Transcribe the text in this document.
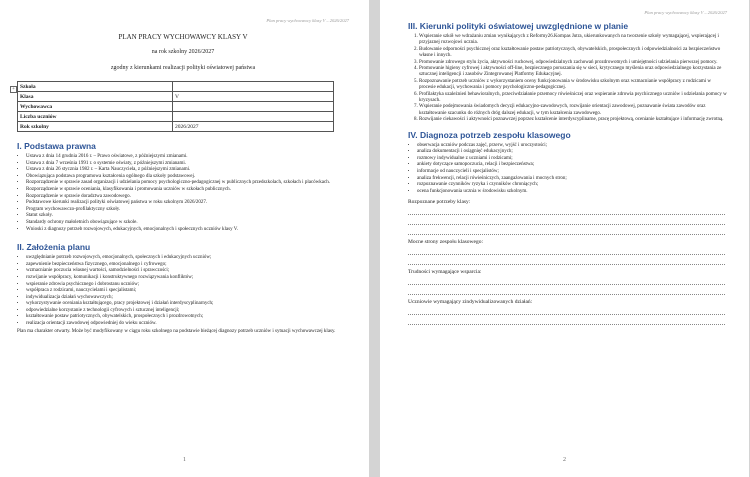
Plan pracy wychowawcy klasy V – 2026/2027

PLAN PRACY WYCHOWAWCY KLASY V

na rok szkolny 2026/2027

zgodny z kierunkami realizacji polityki oświatowej państwa

+ Szkoła	
Klasa	V
Wychowawca	
Liczba uczniów	
Rok szkolny	2026/2027
I. Podstawa prawna
• Ustawa z dnia 14 grudnia 2016 r. – Prawo oświatowe, z późniejszymi zmianami.
• Ustawa z dnia 7 września 1991 r. o systemie oświaty, z późniejszymi zmianami.
• Ustawa z dnia 26 stycznia 1982 r. – Karta Nauczyciela, z późniejszymi zmianami.
• Obowiązująca podstawa programowa kształcenia ogólnego dla szkoły podstawowej.
• Rozporządzenie w sprawie zasad organizacji i udzielania pomocy psychologiczno-pedagogicznej w publicznych przedszkolach, szkołach i placówkach.
• Rozporządzenie w sprawie oceniania, klasyfikowania i promowania uczniów w szkołach publicznych.
• Rozporządzenie w sprawie doradztwa zawodowego.
• Podstawowe kierunki realizacji polityki oświatowej państwa w roku szkolnym 2026/2027.
• Program wychowawczo-profilaktyczny szkoły.
• Statut szkoły.
• Standardy ochrony małoletnich obowiązujące w szkole.
• Wnioski z diagnozy potrzeb rozwojowych, edukacyjnych, emocjonalnych i społecznych uczniów klasy V.
II. Założenia planu
• uwzględnianie potrzeb rozwojowych, emocjonalnych, społecznych i edukacyjnych uczniów;
• zapewnienie bezpieczeństwa fizycznego, emocjonalnego i cyfrowego;
• wzmacnianie poczucia własnej wartości, samodzielności i sprawczości;
• rozwijanie współpracy, komunikacji i konstruktywnego rozwiązywania konfliktów;
• wspieranie zdrowia psychicznego i dobrostanu uczniów;
• współpraca z rodzicami, nauczycielami i specjalistami;
• indywidualizacja działań wychowawczych;
• wykorzystywanie oceniania kształtującego, pracy projektowej i działań interdyscyplinarnych;
• odpowiedzialne korzystanie z technologii cyfrowych i sztucznej inteligencji;
• kształtowanie postaw patriotycznych, obywatelskich, prospołecznych i prozdrowotnych;
• realizacja orientacji zawodowej odpowiedniej do wieku uczniów.

Plan ma charakter otwarty. Może być modyfikowany w ciągu roku szkolnego na podstawie bieżącej diagnozy potrzeb uczniów i sytuacji wychowawczej klasy.

1
Plan pracy wychowawcy klasy V – 2026/2027
III. Kierunki polityki oświatowej uwzględnione w planie
1. Wspieranie szkół we wdrażaniu zmian wynikających z Reformy26.Kompas Jutra, ukierunkowanych na tworzenie szkoły wymagającej, wspierającej i przyjaznej rozwojowi ucznia.
2. Budowanie odporności psychicznej oraz kształtowanie postaw patriotycznych, obywatelskich, prospołecznych i odpowiedzialności za bezpieczeństwo własne i innych.
3. Promowanie zdrowego stylu życia, aktywności ruchowej, odpowiedzialnych zachowań prozdrowotnych i umiejętności udzielania pierwszej pomocy.
4. Promowanie higieny cyfrowej i aktywności off-line, bezpiecznego poruszania się w sieci, krytycznego myślenia oraz odpowiedzialnego korzystania ze sztucznej inteligencji i zasobów Zintegrowanej Platformy Edukacyjnej.
5. Rozpoznawanie potrzeb uczniów z wykorzystaniem oceny funkcjonowania w środowisku szkolnym oraz wzmacnianie współpracy z rodzicami w procesie edukacji, wychowania i pomocy psychologiczno-pedagogicznej.
6. Profilaktyka uzależnień behawioralnych, przeciwdziałanie przemocy rówieśniczej oraz wspieranie zdrowia psychicznego uczniów i udzielania pomocy w kryzysach.
7. Wspieranie podejmowania świadomych decyzji edukacyjno-zawodowych, rozwijanie orientacji zawodowej, poznawanie świata zawodów oraz kształtowanie szacunku do różnych dróg dalszej edukacji, w tym kształcenia zawodowego.
8. Rozwijanie ciekawości i aktywności poznawczej poprzez kształcenie interdyscyplinarne, pracę projektową, ocenianie kształtujące i informację zwrotną.
IV. Diagnoza potrzeb zespołu klasowego
• obserwacja uczniów podczas zajęć, przerw, wyjść i uroczystości;
• analiza dokumentacji i osiągnięć edukacyjnych;
• rozmowy indywidualne z uczniami i rodzicami;
• ankiety dotyczące samopoczucia, relacji i bezpieczeństwa;
• informacje od nauczycieli i specjalistów;
• analiza frekwencji, relacji rówieśniczych, zaangażowania i mocnych stron;
• rozpoznawanie czynników ryzyka i czynników chroniących;
• ocena funkcjonowania ucznia w środowisku szkolnym.

Rozpoznane potrzeby klasy:

Mocne strony zespołu klasowego:

Trudności wymagające wsparcia:

Uczniowie wymagający zindywidualizowanych działań:

2
